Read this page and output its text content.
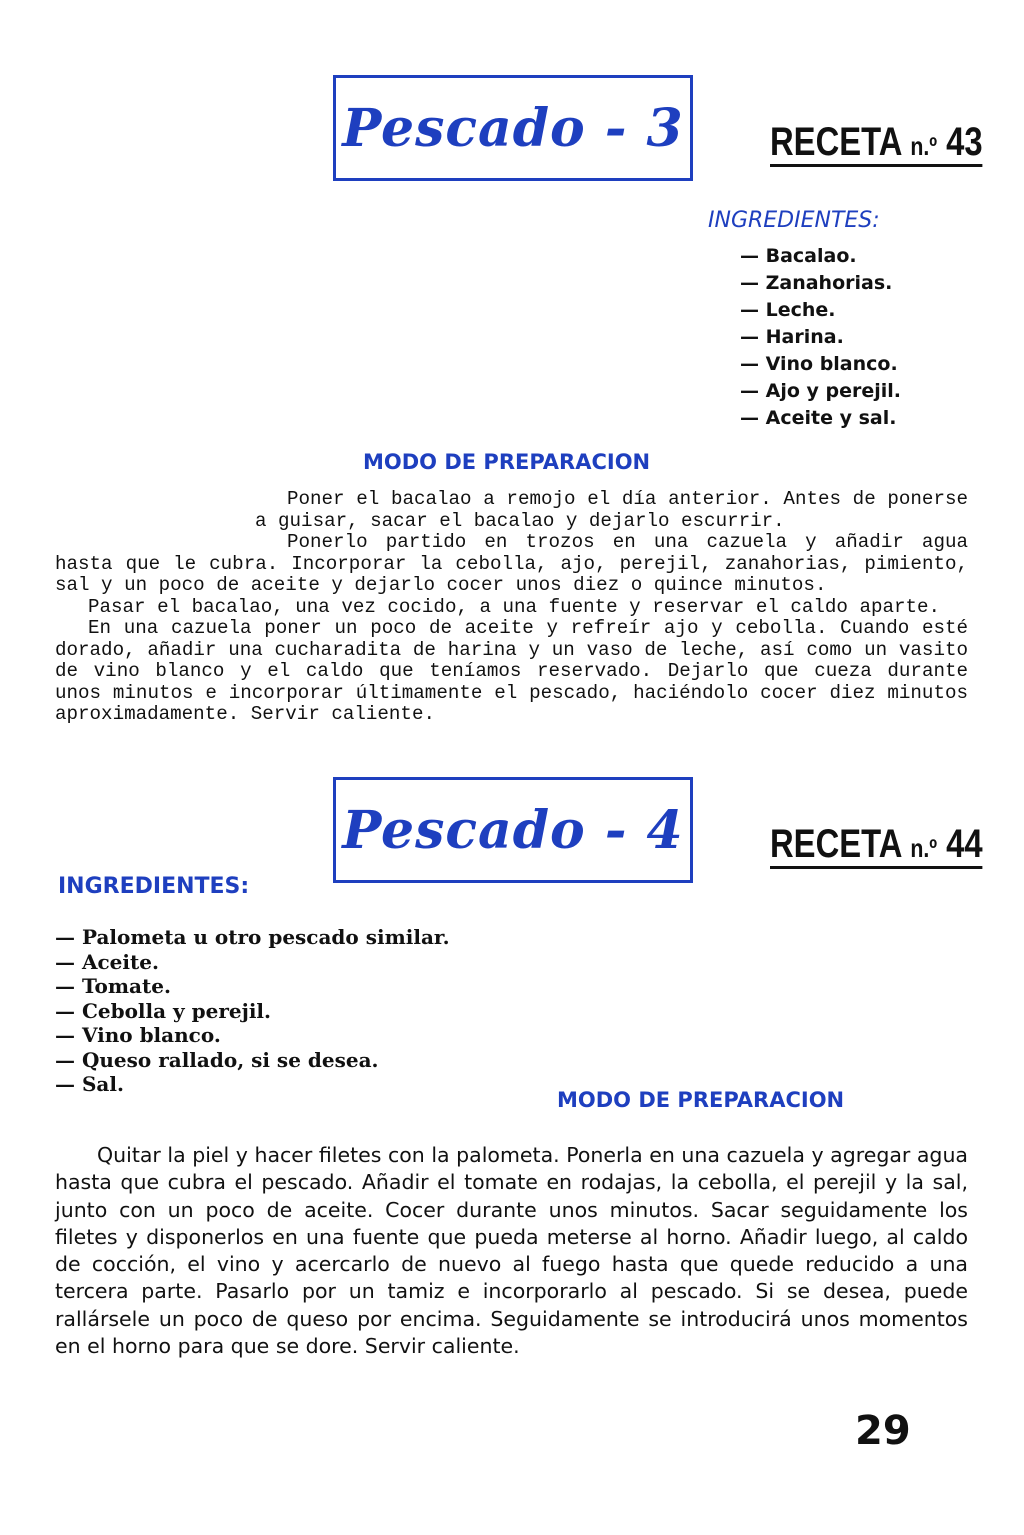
Pescado - 3 RECETA n.º 43
INGREDIENTES:
— Bacalao.
— Zanahorias.
— Leche.
— Harina.
— Vino blanco.
— Ajo y perejil.
— Aceite y sal.
MODO DE PREPARACION

Poner el bacalao a remojo el día anterior. Antes de ponerse a guisar, sacar el bacalao y dejarlo escurrir.

Ponerlo partido en trozos en una cazuela y añadir agua hasta que le cubra. Incorporar la cebolla, ajo, perejil, zanahorias, pimiento, sal y un poco de aceite y dejarlo cocer unos diez o quince minutos.

Pasar el bacalao, una vez cocido, a una fuente y reservar el caldo aparte.

En una cazuela poner un poco de aceite y refreír ajo y cebolla. Cuando esté dorado, añadir una cucharadita de harina y un vaso de leche, así como un vasito de vino blanco y el caldo que teníamos reservado. Dejarlo que cueza durante unos minutos e incorporar últimamente el pescado, haciéndolo cocer diez minutos aproximadamente. Servir caliente.

Pescado - 4 RECETA n.º 44
INGREDIENTES:
— Palometa u otro pescado similar.
— Aceite.
— Tomate.
— Cebolla y perejil.
— Vino blanco.
— Queso rallado, si se desea.
— Sal.
MODO DE PREPARACION

Quitar la piel y hacer filetes con la palometa. Ponerla en una cazuela y agregar agua hasta que cubra el pescado. Añadir el tomate en rodajas, la cebolla, el perejil y la sal, junto con un poco de aceite. Cocer durante unos minutos. Sacar seguidamente los filetes y disponerlos en una fuente que pueda meterse al horno. Añadir luego, al caldo de cocción, el vino y acercarlo de nuevo al fuego hasta que quede reducido a una tercera parte. Pasarlo por un tamiz e incorporarlo al pescado. Si se desea, puede rallársele un poco de queso por encima. Seguidamente se introducirá unos momentos en el horno para que se dore. Servir caliente.

29
